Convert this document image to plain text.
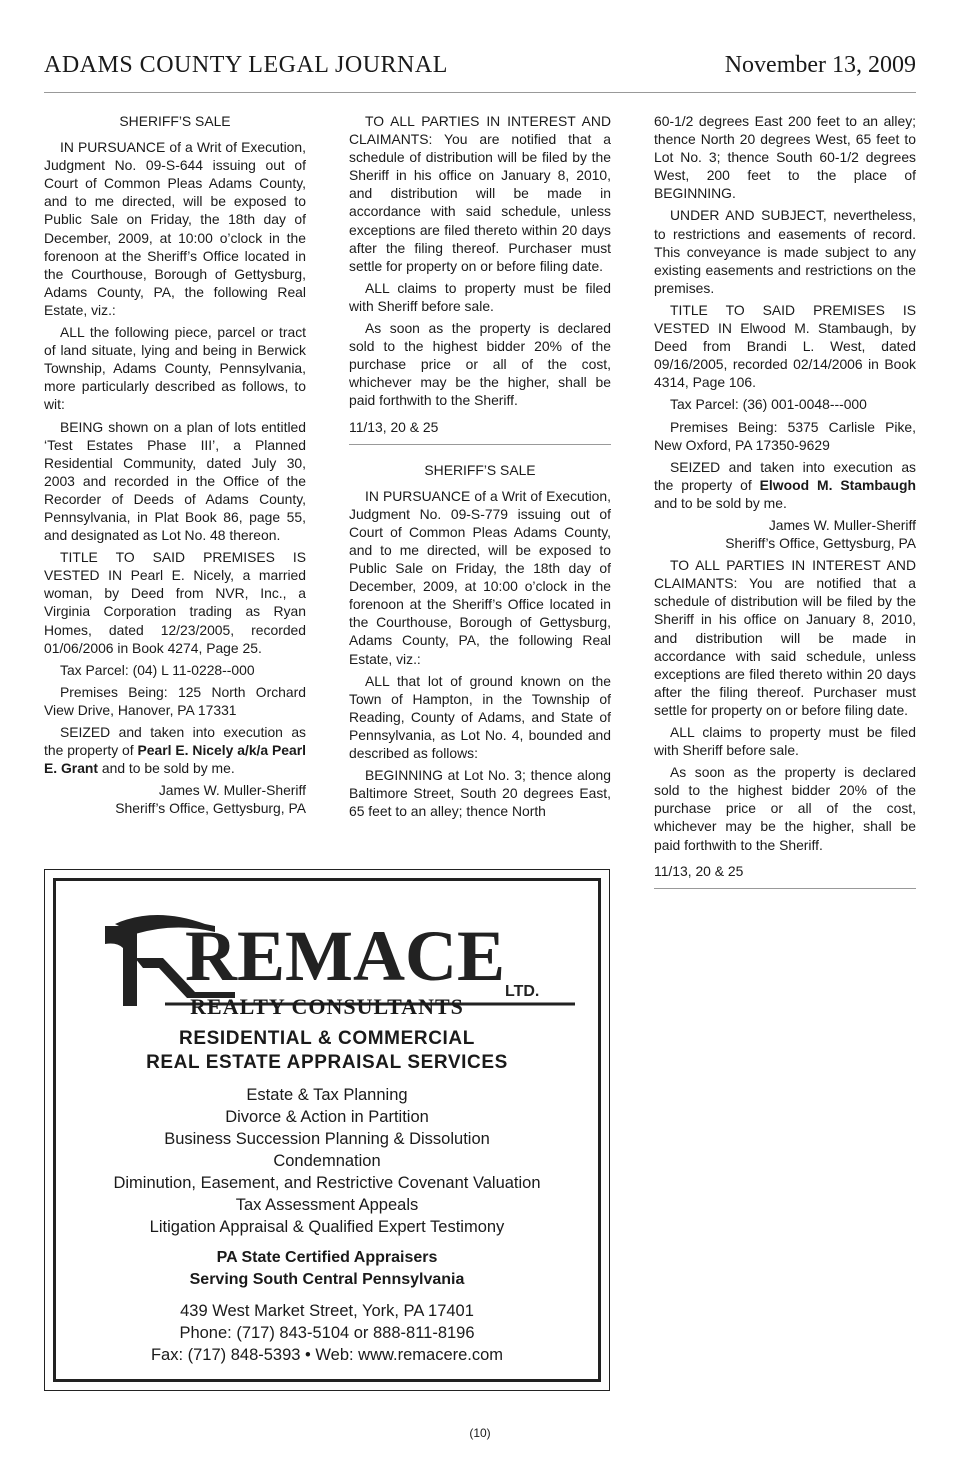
ADAMS COUNTY LEGAL JOURNAL	November 13, 2009

SHERIFF’S SALE

IN PURSUANCE of a Writ of Execution, Judgment No. 09-S-644 issuing out of Court of Common Pleas Adams County, and to me directed, will be exposed to Public Sale on Friday, the 18th day of December, 2009, at 10:00 o’clock in the forenoon at the Sheriff’s Office located in the Courthouse, Borough of Gettysburg, Adams County, PA, the following Real Estate, viz.:

ALL the following piece, parcel or tract of land situate, lying and being in Berwick Township, Adams County, Pennsylvania, more particularly described as follows, to wit:

BEING shown on a plan of lots entitled ‘Test Estates Phase III’, a Planned Residential Community, dated July 30, 2003 and recorded in the Office of the Recorder of Deeds of Adams County, Pennsylvania, in Plat Book 86, page 55, and designated as Lot No. 48 thereon.

TITLE TO SAID PREMISES IS VESTED IN Pearl E. Nicely, a married woman, by Deed from NVR, Inc., a Virginia Corporation trading as Ryan Homes, dated 12/23/2005, recorded 01/06/2006 in Book 4274, Page 25.

Tax Parcel: (04) L 11-0228--000

Premises Being: 125 North Orchard View Drive, Hanover, PA 17331

SEIZED and taken into execution as the property of Pearl E. Nicely a/k/a Pearl E. Grant and to be sold by me.

James W. Muller-Sheriff

Sheriff’s Office, Gettysburg, PA

TO ALL PARTIES IN INTEREST AND CLAIMANTS: You are notified that a schedule of distribution will be filed by the Sheriff in his office on January 8, 2010, and distribution will be made in accordance with said schedule, unless exceptions are filed thereto within 20 days after the filing thereof. Purchaser must settle for property on or before filing date.

ALL claims to property must be filed with Sheriff before sale.

As soon as the property is declared sold to the highest bidder 20% of the purchase price or all of the cost, whichever may be the higher, shall be paid forthwith to the Sheriff.

11/13, 20 & 25

SHERIFF’S SALE

IN PURSUANCE of a Writ of Execution, Judgment No. 09-S-779 issuing out of Court of Common Pleas Adams County, and to me directed, will be exposed to Public Sale on Friday, the 18th day of December, 2009, at 10:00 o’clock in the forenoon at the Sheriff’s Office located in the Courthouse, Borough of Gettysburg, Adams County, PA, the following Real Estate, viz.:

ALL that lot of ground known on the Town of Hampton, in the Township of Reading, County of Adams, and State of Pennsylvania, as Lot No. 4, bounded and described as follows:

BEGINNING at Lot No. 3; thence along Baltimore Street, South 20 degrees East, 65 feet to an alley; thence North

60-1/2 degrees East 200 feet to an alley; thence North 20 degrees West, 65 feet to Lot No. 3; thence South 60-1/2 degrees West, 200 feet to the place of BEGINNING.

UNDER AND SUBJECT, nevertheless, to restrictions and easements of record. This conveyance is made subject to any existing easements and restrictions on the premises.

TITLE TO SAID PREMISES IS VESTED IN Elwood M. Stambaugh, by Deed from Brandi L. West, dated 09/16/2005, recorded 02/14/2006 in Book 4314, Page 106.

Tax Parcel: (36) 001-0048---000

Premises Being: 5375 Carlisle Pike, New Oxford, PA 17350-9629

SEIZED and taken into execution as the property of Elwood M. Stambaugh and to be sold by me.

James W. Muller-Sheriff

Sheriff’s Office, Gettysburg, PA

TO ALL PARTIES IN INTEREST AND CLAIMANTS: You are notified that a schedule of distribution will be filed by the Sheriff in his office on January 8, 2010, and distribution will be made in accordance with said schedule, unless exceptions are filed thereto within 20 days after the filing thereof. Purchaser must settle for property on or before filing date.

ALL claims to property must be filed with Sheriff before sale.

As soon as the property is declared sold to the highest bidder 20% of the purchase price or all of the cost, whichever may be the higher, shall be paid forthwith to the Sheriff.

11/13, 20 & 25

REMACE LTD.
REALTY CONSULTANTS
RESIDENTIAL & COMMERCIAL
REAL ESTATE APPRAISAL SERVICES
Estate & Tax Planning
Divorce & Action in Partition
Business Succession Planning & Dissolution
Condemnation
Diminution, Easement, and Restrictive Covenant Valuation
Tax Assessment Appeals
Litigation Appraisal & Qualified Expert Testimony
PA State Certified Appraisers
Serving South Central Pennsylvania
439 West Market Street, York, PA 17401
Phone: (717) 843-5104 or 888-811-8196
Fax: (717) 848-5393 • Web: www.remacere.com
(10)
